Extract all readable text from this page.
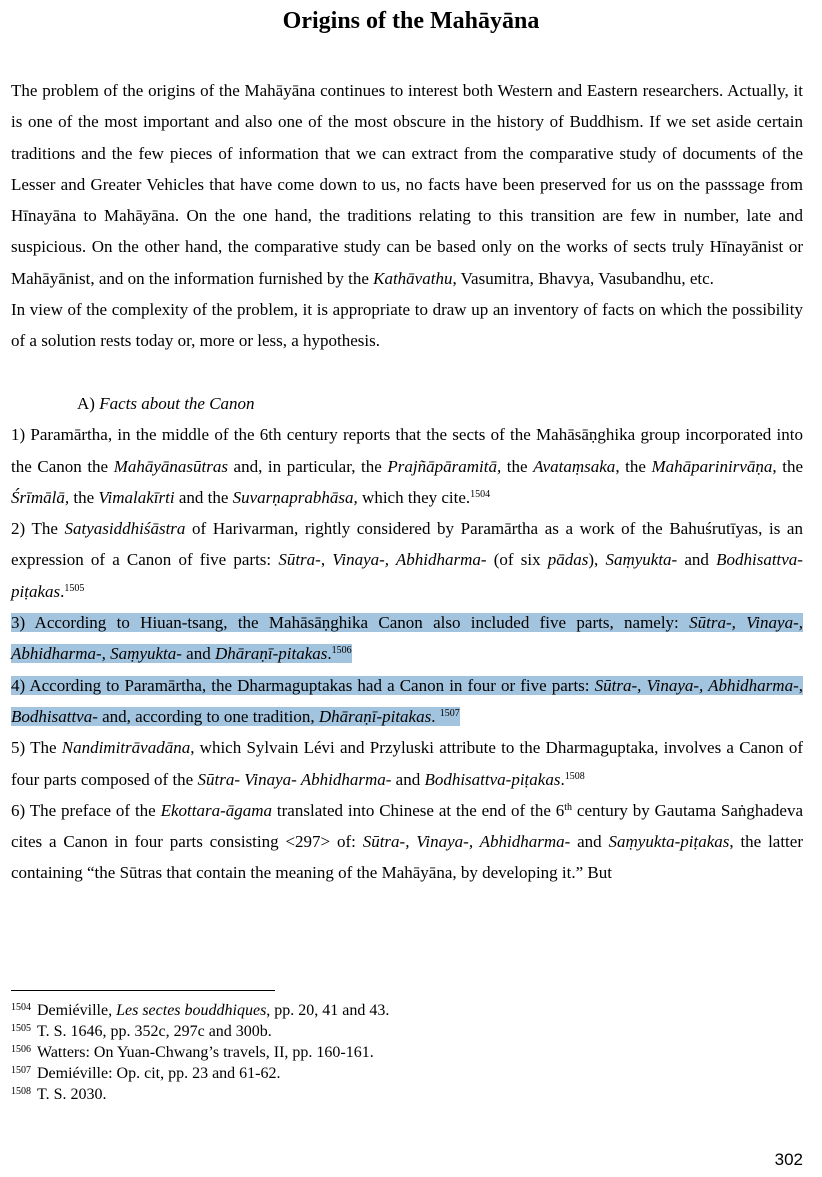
Origins of the Mahāyāna

The problem of the origins of the Mahāyāna continues to interest both Western and Eastern researchers. Actually, it is one of the most important and also one of the most obscure in the history of Buddhism. If we set aside certain traditions and the few pieces of information that we can extract from the comparative study of documents of the Lesser and Greater Vehicles that have come down to us, no facts have been preserved for us on the passsage from Hīnayāna to Mahāyāna. On the one hand, the traditions relating to this transition are few in number, late and suspicious. On the other hand, the comparative study can be based only on the works of sects truly Hīnayānist or Mahāyānist, and on the information furnished by the Kathāvathu, Vasumitra, Bhavya, Vasubandhu, etc.

In view of the complexity of the problem, it is appropriate to draw up an inventory of facts on which the possibility of a solution rests today or, more or less, a hypothesis.

A) Facts about the Canon

1) Paramārtha, in the middle of the 6th century reports that the sects of the Mahāsāṇghika group incorporated into the Canon the Mahāyānasūtras and, in particular, the Prajñāpāramitā, the Avataṃsaka, the Mahāparinirvāṇa, the Śrīmālā, the Vimalakīrti and the Suvarṇaprabhāsa, which they cite.$^{1504}$

2) The Satyasiddhiśāstra of Harivarman, rightly considered by Paramārtha as a work of the Bahuśrutīyas, is an expression of a Canon of five parts: Sūtra-, Vinaya-, Abhidharma- (of six pādas), Saṃyukta- and Bodhisattva-piṭakas.$^{1505}$

3) According to Hiuan-tsang, the Mahāsāṇghika Canon also included five parts, namely: Sūtra-, Vinaya-, Abhidharma-, Saṃyukta- and Dhāraṇī-pitakas.$^{1506}$

4) According to Paramārtha, the Dharmaguptakas had a Canon in four or five parts: Sūtra-, Vinaya-, Abhidharma-, Bodhisattva- and, according to one tradition, Dhāraṇī-pitakas. $^{1507}$

5) The Nandimitrāvadāna, which Sylvain Lévi and Przyluski attribute to the Dharmaguptaka, involves a Canon of four parts composed of the Sūtra- Vinaya- Abhidharma- and Bodhisattva-piṭakas.$^{1508}$

6) The preface of the Ekottara-āgama translated into Chinese at the end of the 6th century by Gautama Saṅghadeva cites a Canon in four parts consisting <297> of: Sūtra-, Vinaya-, Abhidharma- and Saṃyukta-piṭakas, the latter containing “the Sūtras that contain the meaning of the Mahāyāna, by developing it.” But

$^{1504}$ Demiéville, Les sectes bouddhiques, pp. 20, 41 and 43.

$^{1505}$ T. S. 1646, pp. 352c, 297c and 300b.

$^{1506}$ Watters: On Yuan-Chwang’s travels, II, pp. 160-161.

$^{1507}$ Demiéville: Op. cit, pp. 23 and 61-62.

$^{1508}$ T. S. 2030.

302
